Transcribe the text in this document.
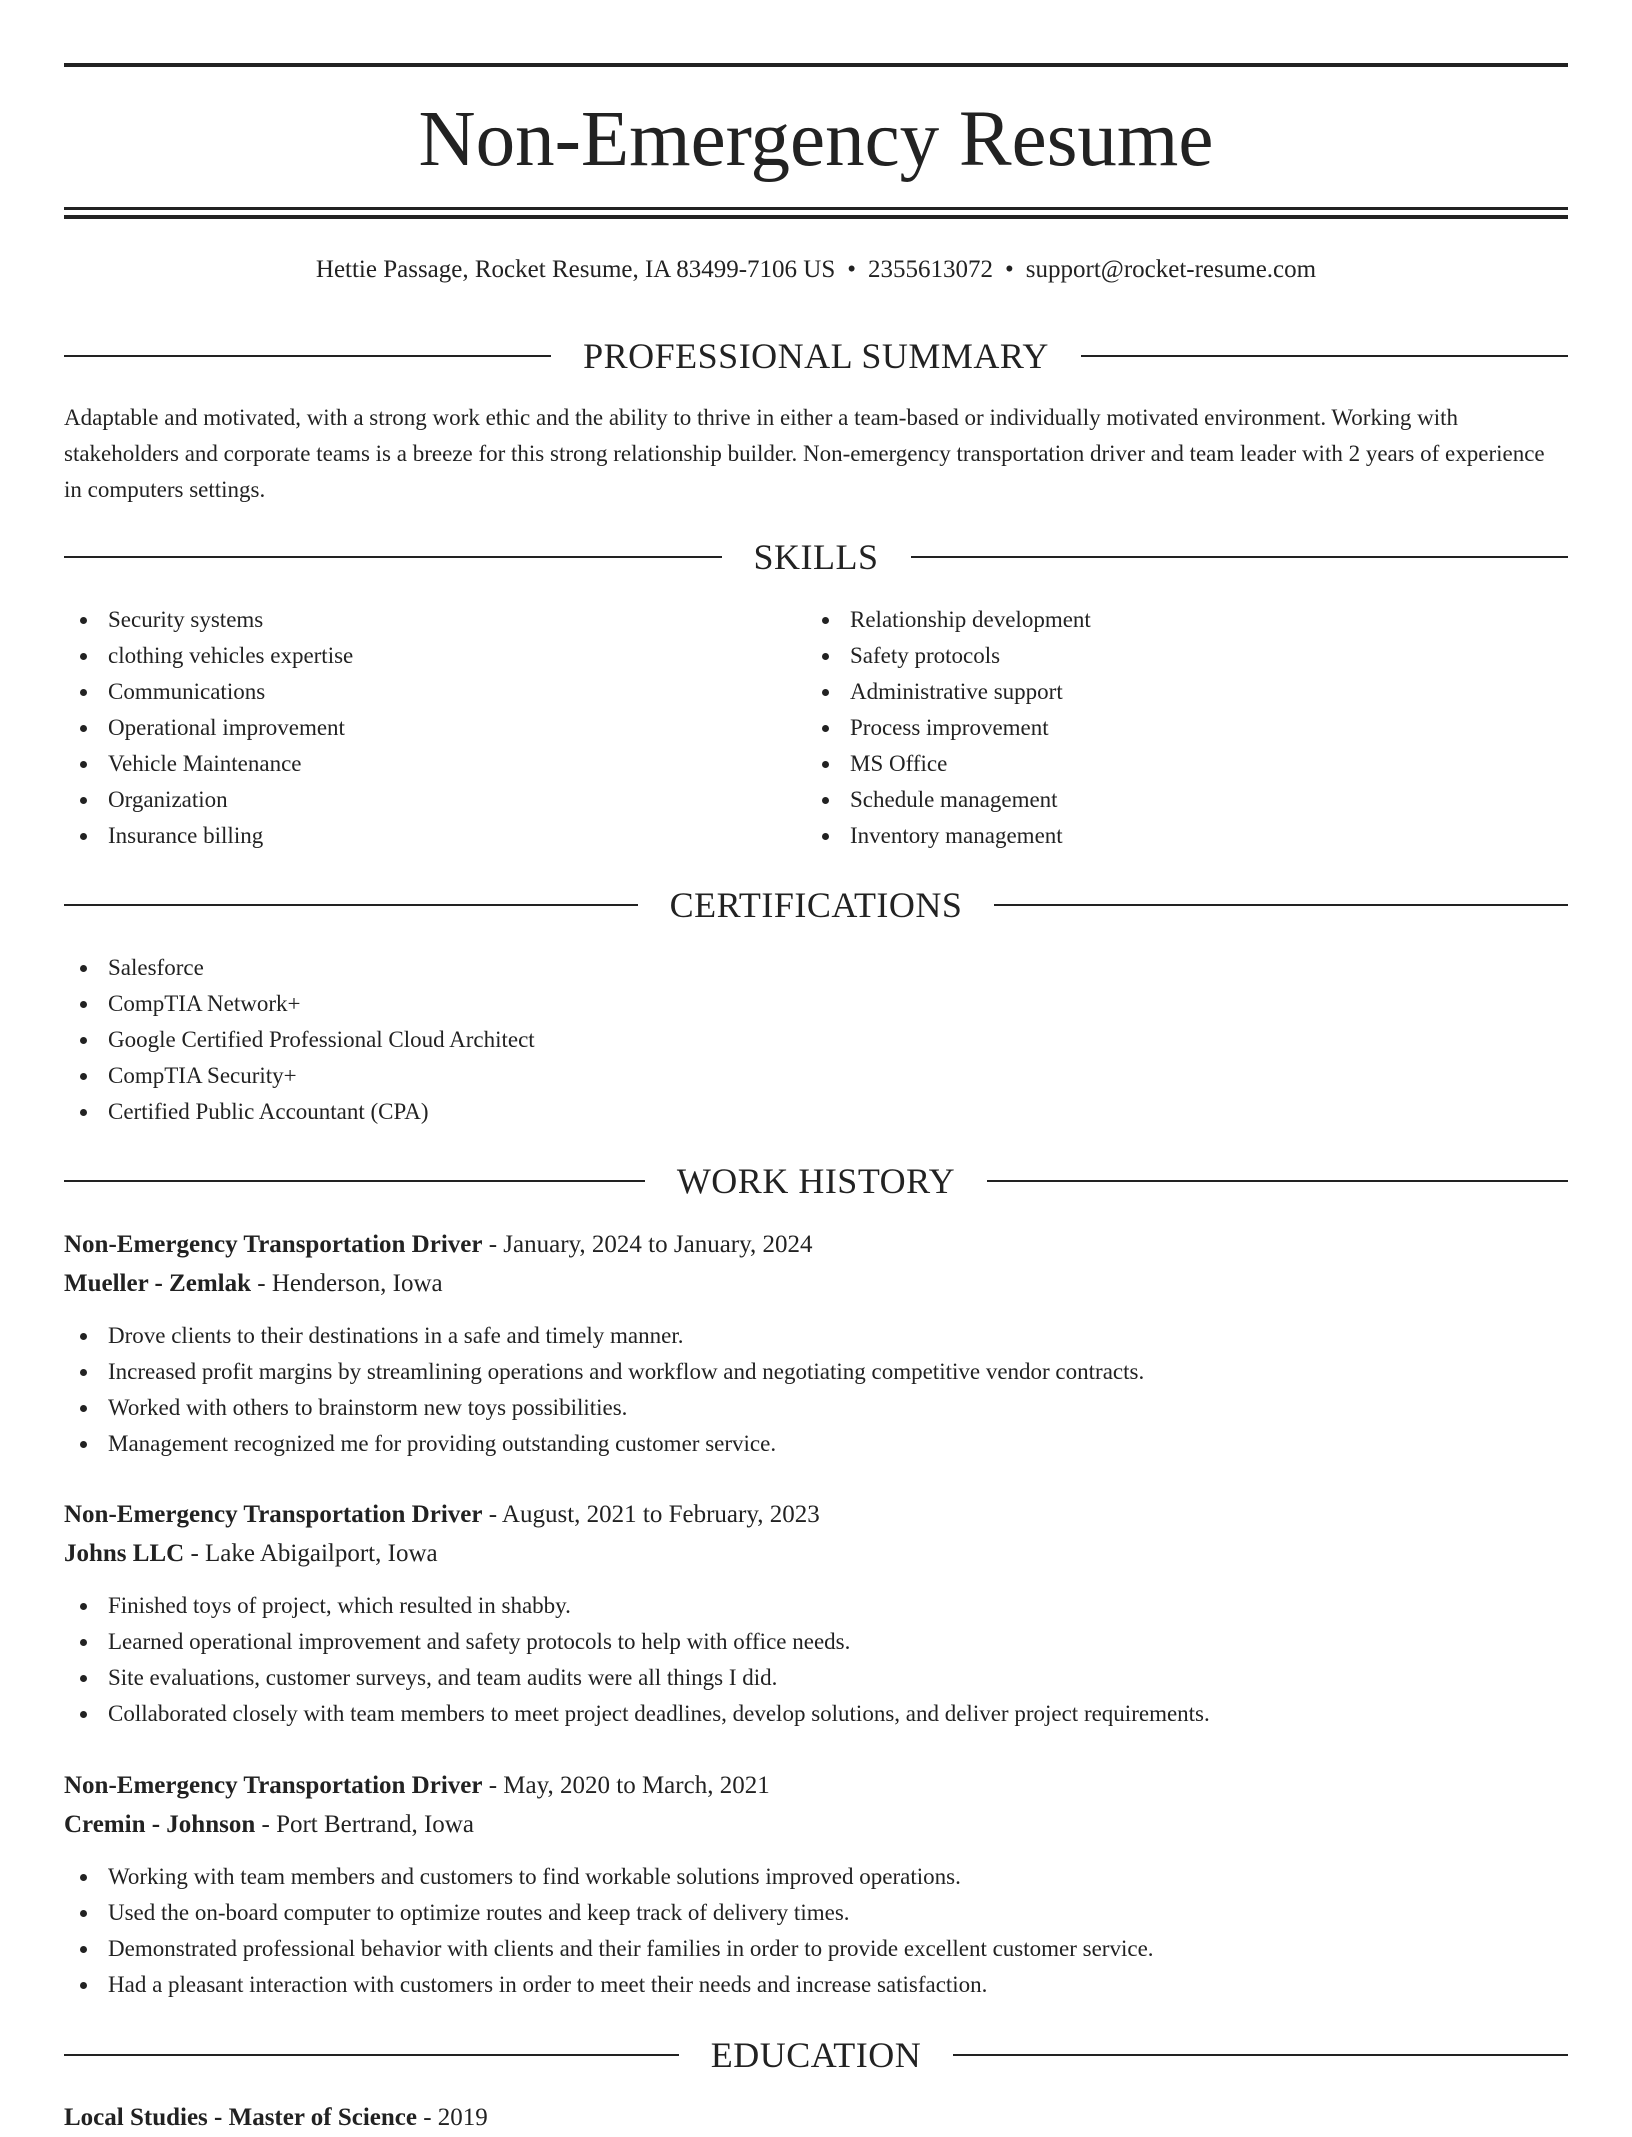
Non-Emergency Resume
Hettie Passage, Rocket Resume, IA 83499-7106 US • 2355613072 • support@rocket-resume.com
PROFESSIONAL SUMMARY

Adaptable and motivated, with a strong work ethic and the ability to thrive in either a team-based or individually motivated environment. Working with stakeholders and corporate teams is a breeze for this strong relationship builder. Non-emergency transportation driver and team leader with 2 years of experience in computers settings.

SKILLS
Security systems
clothing vehicles expertise
Communications
Operational improvement
Vehicle Maintenance
Organization
Insurance billing
Relationship development
Safety protocols
Administrative support
Process improvement
MS Office
Schedule management
Inventory management
CERTIFICATIONS
Salesforce
CompTIA Network+
Google Certified Professional Cloud Architect
CompTIA Security+
Certified Public Accountant (CPA)
WORK HISTORY
Non-Emergency Transportation Driver - January, 2024 to January, 2024
Mueller - Zemlak - Henderson, Iowa
Drove clients to their destinations in a safe and timely manner.
Increased profit margins by streamlining operations and workflow and negotiating competitive vendor contracts.
Worked with others to brainstorm new toys possibilities.
Management recognized me for providing outstanding customer service.
Non-Emergency Transportation Driver - August, 2021 to February, 2023
Johns LLC - Lake Abigailport, Iowa
Finished toys of project, which resulted in shabby.
Learned operational improvement and safety protocols to help with office needs.
Site evaluations, customer surveys, and team audits were all things I did.
Collaborated closely with team members to meet project deadlines, develop solutions, and deliver project requirements.
Non-Emergency Transportation Driver - May, 2020 to March, 2021
Cremin - Johnson - Port Bertrand, Iowa
Working with team members and customers to find workable solutions improved operations.
Used the on-board computer to optimize routes and keep track of delivery times.
Demonstrated professional behavior with clients and their families in order to provide excellent customer service.
Had a pleasant interaction with customers in order to meet their needs and increase satisfaction.
EDUCATION
Local Studies - Master of Science - 2019
